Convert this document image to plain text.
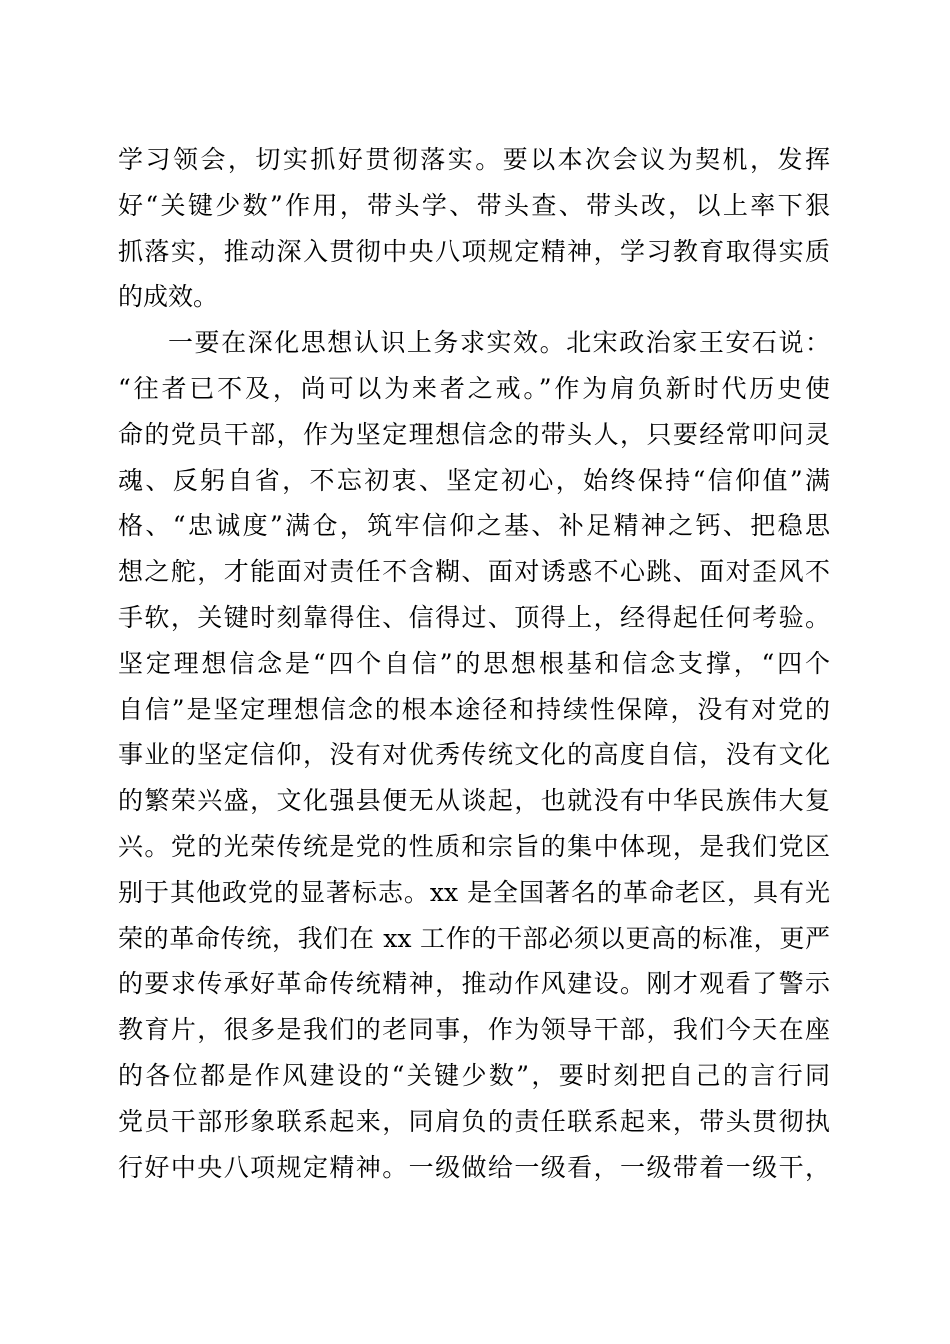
学习领会，切实抓好贯彻落实。要以本次会议为契机，发挥
好“关键少数”作用，带头学、带头查、带头改，以上率下狠
抓落实，推动深入贯彻中央八项规定精神，学习教育取得实质
的成效。
一要在深化思想认识上务求实效。北宋政治家王安石说：
“往者已不及，尚可以为来者之戒。”作为肩负新时代历史使
命的党员干部，作为坚定理想信念的带头人，只要经常叩问灵
魂、反躬自省，不忘初衷、坚定初心，始终保持“信仰值”满
格、“忠诚度”满仓，筑牢信仰之基、补足精神之钙、把稳思
想之舵，才能面对责任不含糊、面对诱惑不心跳、面对歪风不
手软，关键时刻靠得住、信得过、顶得上，经得起任何考验。
坚定理想信念是“四个自信”的思想根基和信念支撑，“四个
自信”是坚定理想信念的根本途径和持续性保障，没有对党的
事业的坚定信仰，没有对优秀传统文化的高度自信，没有文化
的繁荣兴盛，文化强县便无从谈起，也就没有中华民族伟大复
兴。党的光荣传统是党的性质和宗旨的集中体现，是我们党区
别于其他政党的显著标志。xx 是全国著名的革命老区，具有光
荣的革命传统，我们在 xx 工作的干部必须以更高的标准，更严
的要求传承好革命传统精神，推动作风建设。刚才观看了警示
教育片，很多是我们的老同事，作为领导干部，我们今天在座
的各位都是作风建设的“关键少数”，要时刻把自己的言行同
党员干部形象联系起来，同肩负的责任联系起来，带头贯彻执
行好中央八项规定精神。一级做给一级看，一级带着一级干，
